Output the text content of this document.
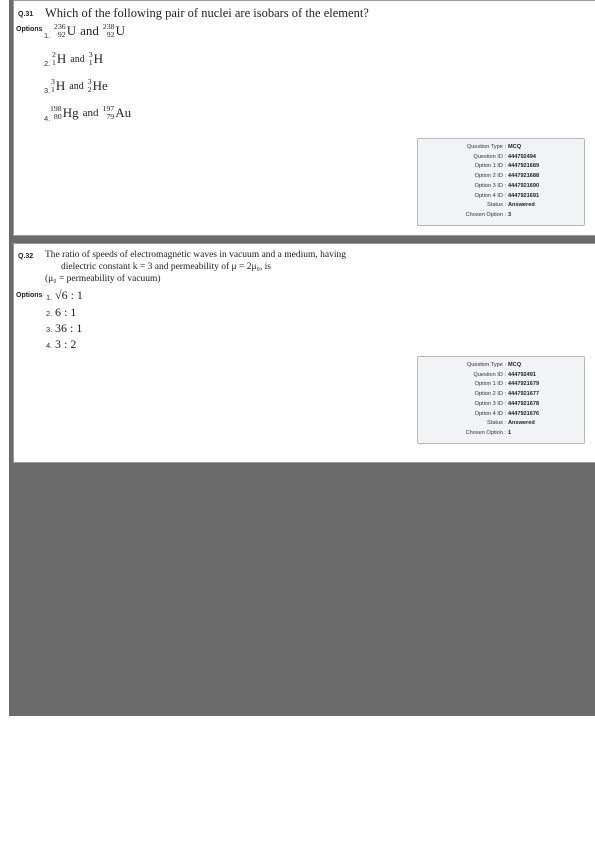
Q.31 Which of the following pair of nuclei are isobars of the element?
Options
1.
236
92 U and 238
92 U
2.
2
1 H and 3
1 H
3.
3
1 H and 3
2 He
4.
198
80 Hg and 197
79 Au
Question Type : MCQ
Question ID : 444792494
Option 1 ID : 4447921689
Option 2 ID : 4447921688
Option 3 ID : 4447921690
Option 4 ID : 4447921691
Status : Answered
Chosen Option : 3
Q.32 The ratio of speeds of electromagnetic waves in vacuum and a medium, having
dielectric constant k = 3 and permeability of μ = 2μ₀, is
(μ₀ = permeability of vacuum)
Options 1. √6 : 1
2. 6 : 1
3. 36 : 1
4. 3 : 2
Question Type : MCQ
Question ID : 444792491
Option 1 ID : 4447921679
Option 2 ID : 4447921677
Option 3 ID : 4447921678
Option 4 ID : 4447921676
Status : Answered
Chosen Option : 1
